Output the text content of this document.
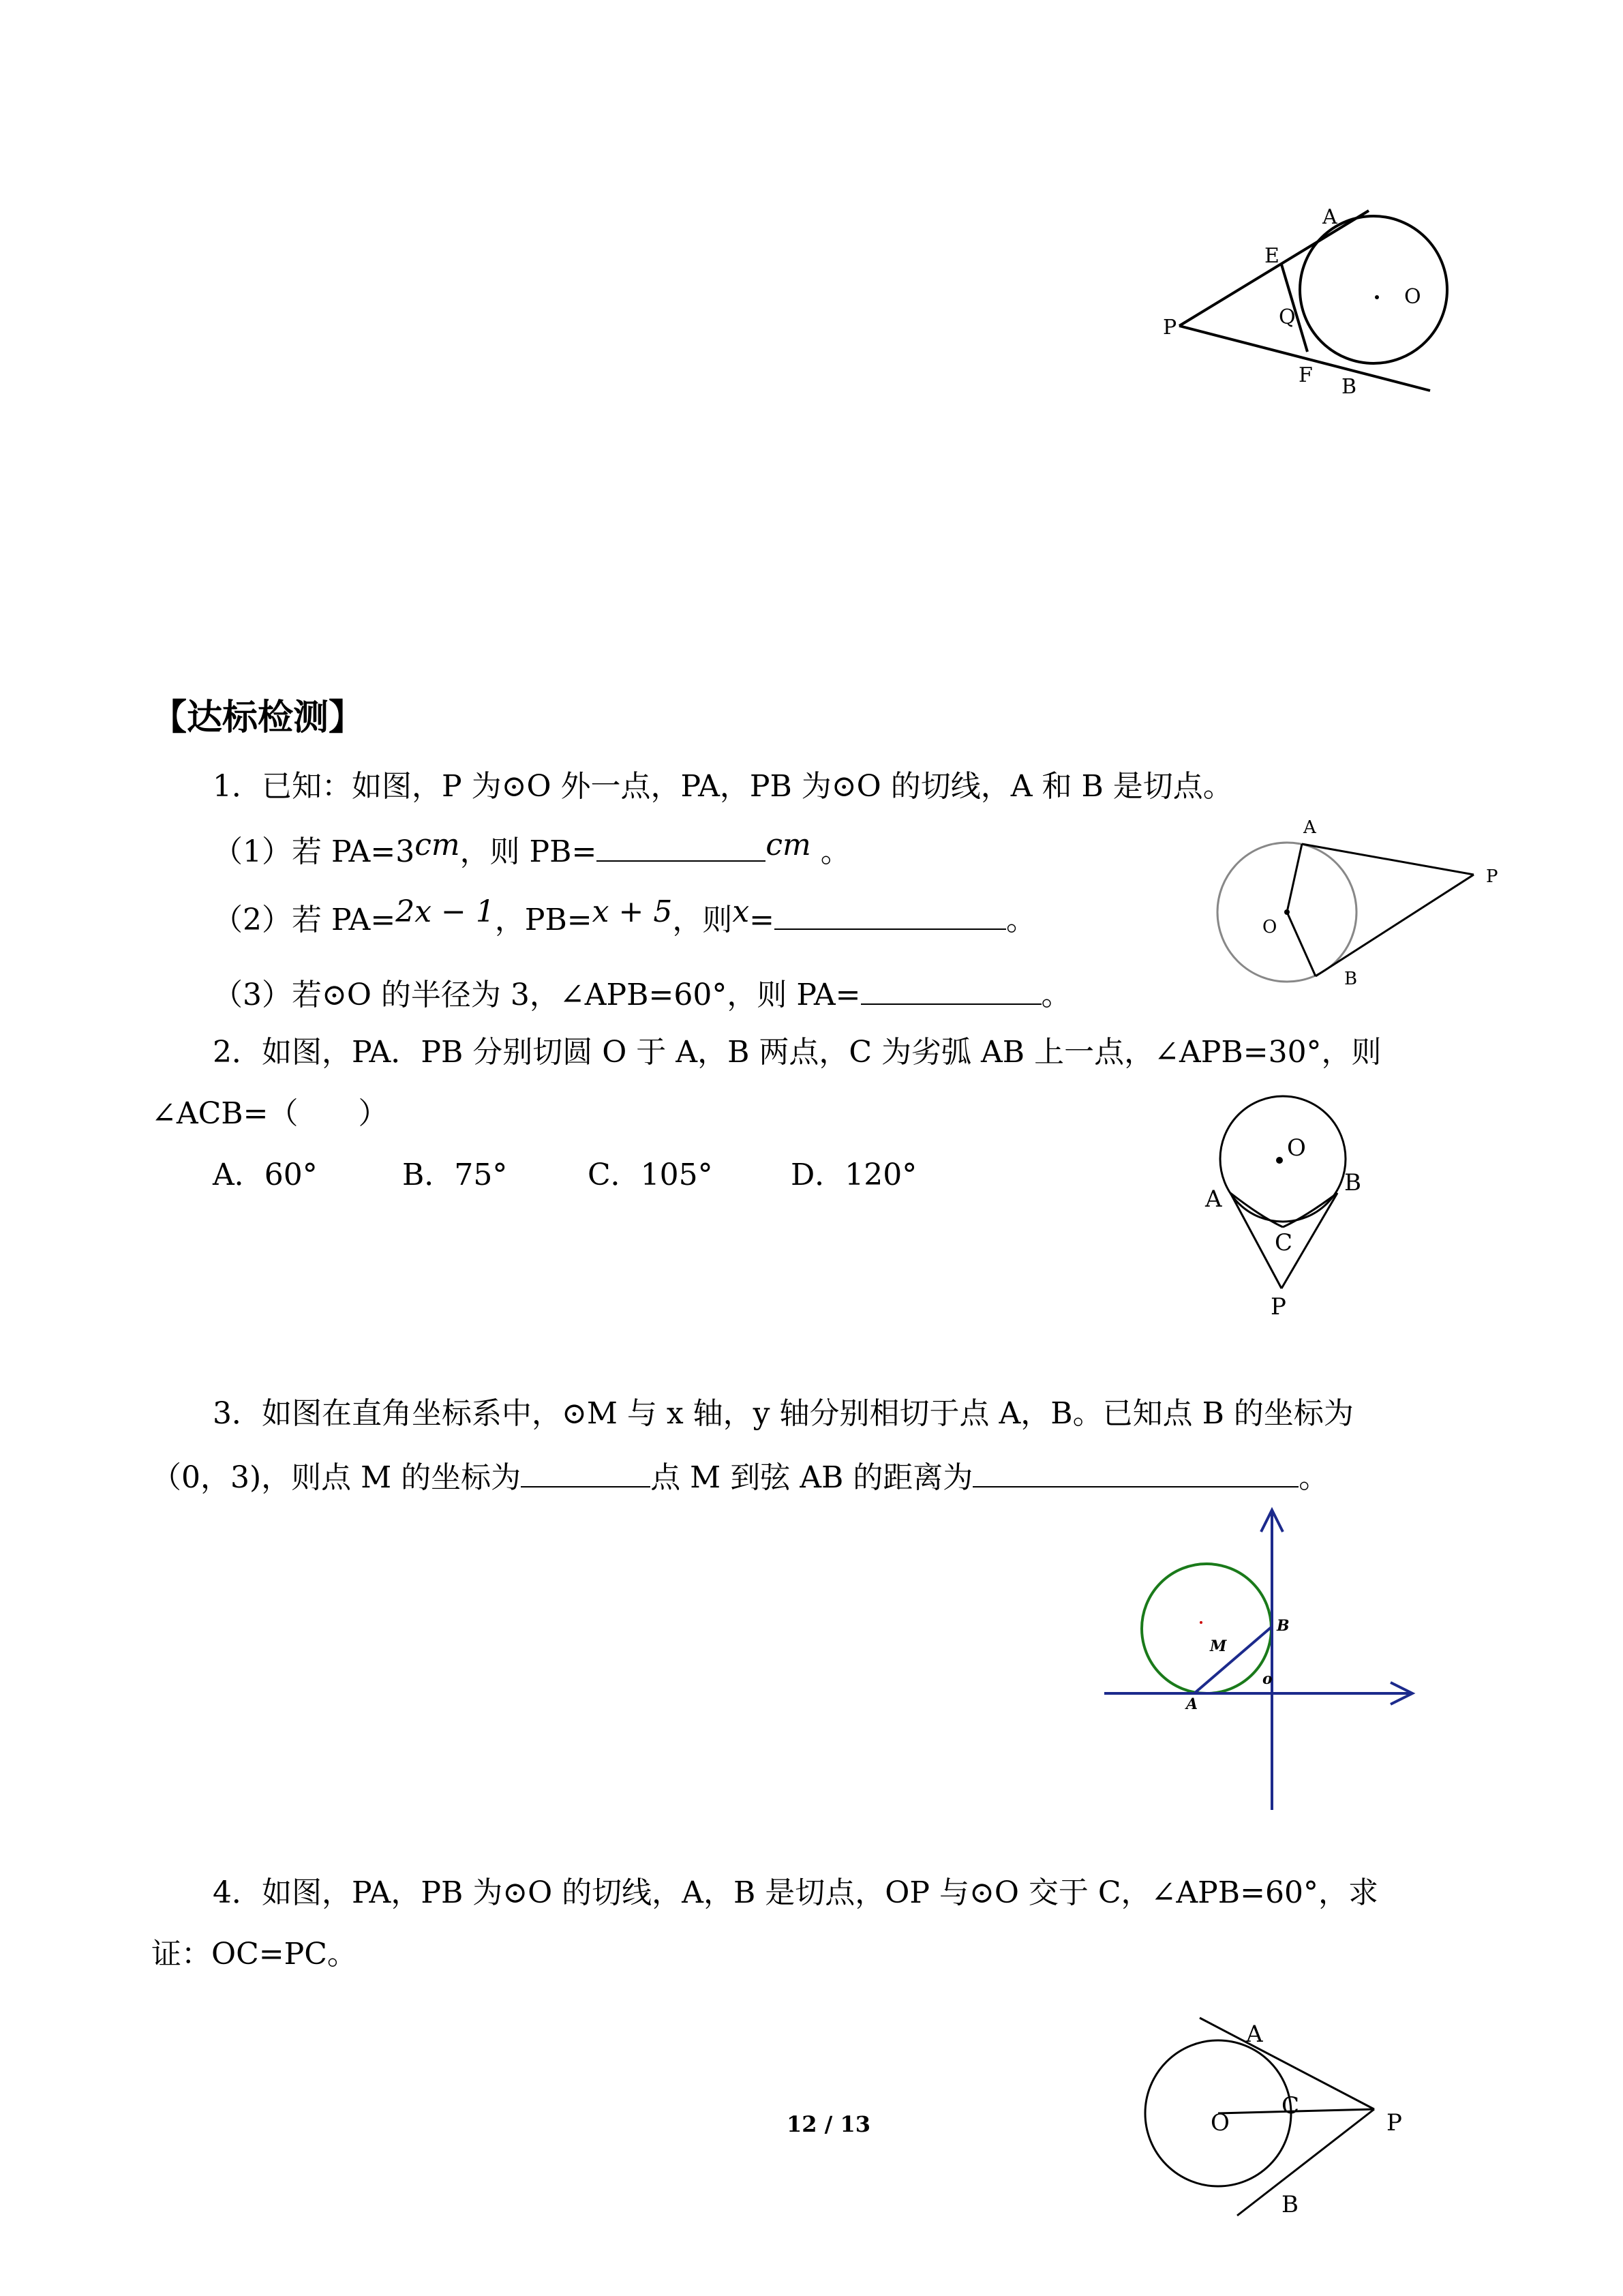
A
E
P	Q
O
F B
【达标检测】
1．已知：如图，P 为⊙O 外一点，PA，PB 为⊙O 的切线，A 和 B 是切点。
（1）若 PA=3cm，则 PB=	cm 。
（2）若 PA=2x − 1，PB=x + 5，则x=	。
（3）若⊙O 的半径为 3，∠APB=60°，则 PA=	。
A
P
O
B
2．如图，PA．PB 分别切圆 O 于 A，B 两点，C 为劣弧 AB 上一点，∠APB=30°，则
∠ACB=（　　）
A．60°	B．75°	C．105°	D．120°
O
A
B
C
P
3．如图在直角坐标系中，⊙M 与 x 轴，y 轴分别相切于点 A，B。已知点 B 的坐标为
（0，3)，则点 M 的坐标为	点 M 到弦 AB 的距离为	。
B
M
o
A
4．如图，PA，PB 为⊙O 的切线，A，B 是切点，OP 与⊙O 交于 C，∠APB=60°，求
证：OC=PC。
A
O
C
P
B
12 / 13
